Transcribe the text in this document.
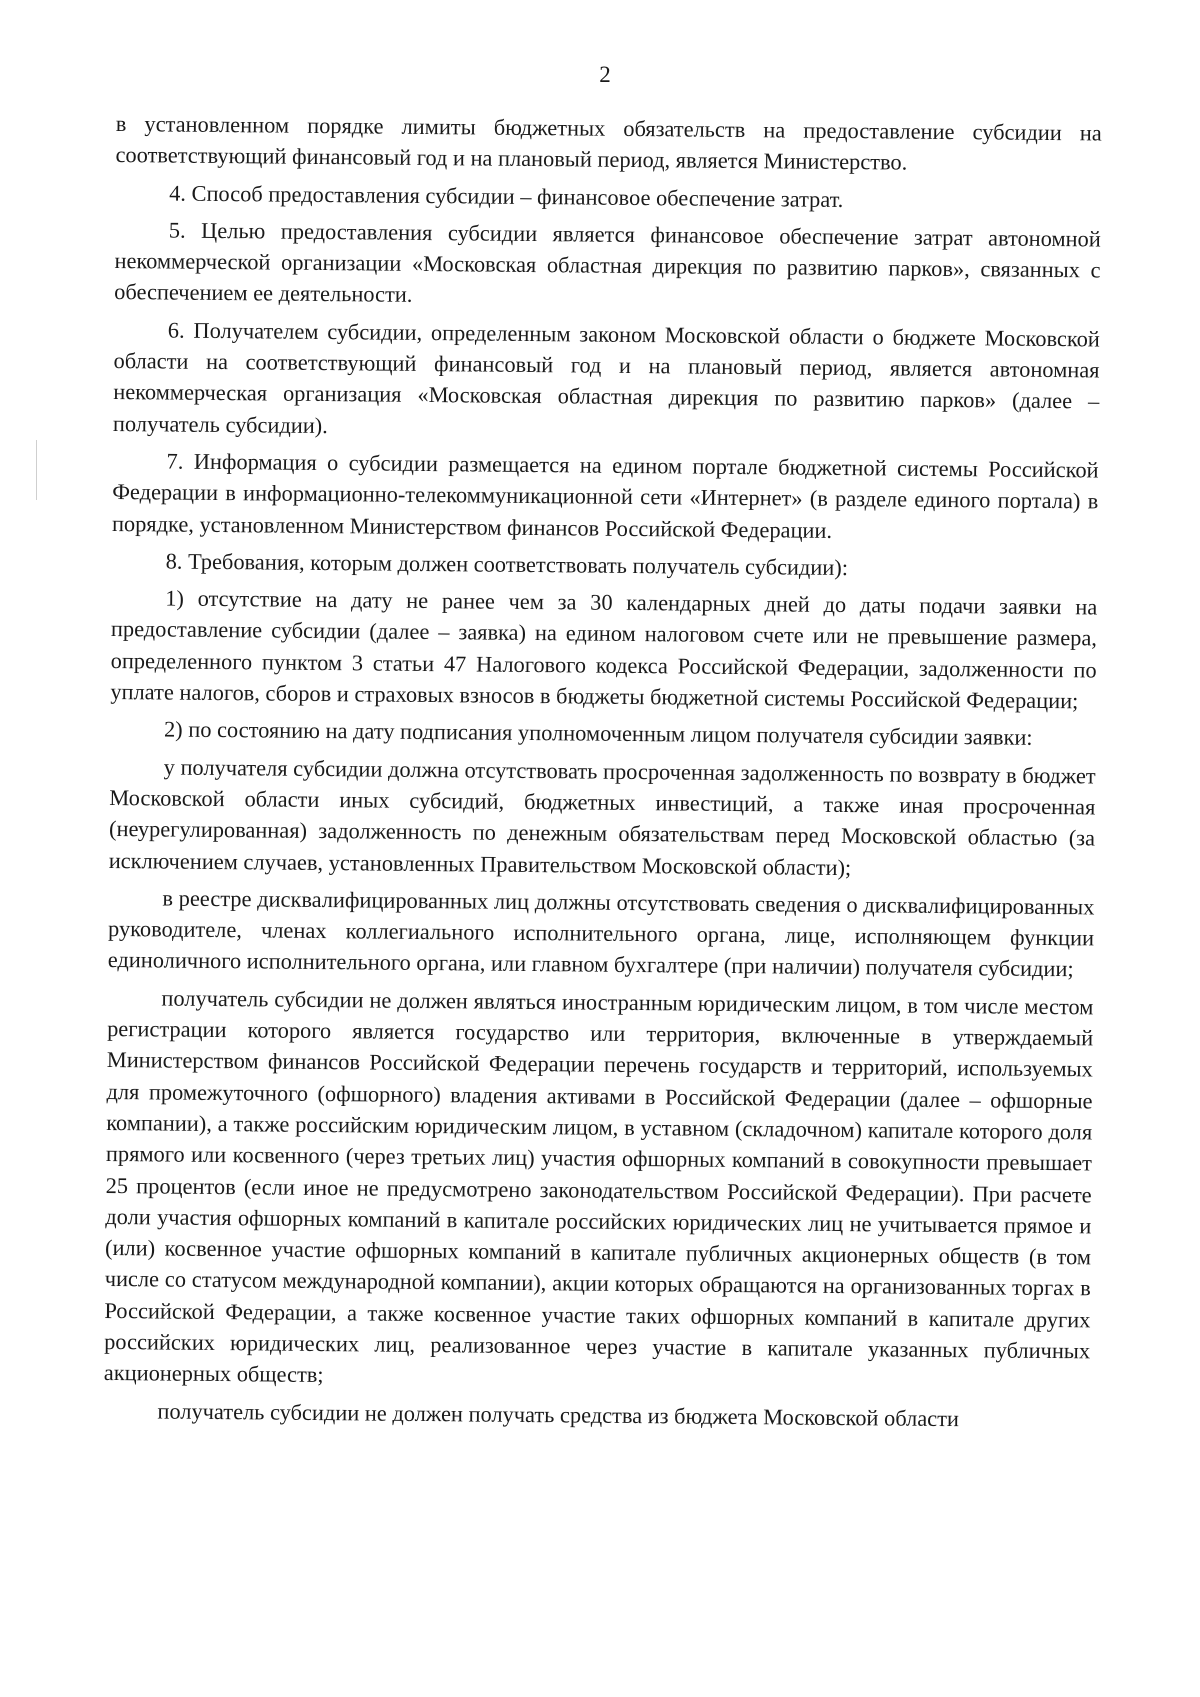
2

в установленном порядке лимиты бюджетных обязательств на предоставление субсидии на соответствующий финансовый год и на плановый период, является Министерство.

4. Способ предоставления субсидии – финансовое обеспечение затрат.

5. Целью предоставления субсидии является финансовое обеспечение затрат автономной некоммерческой организации «Московская областная дирекция по развитию парков», связанных с обеспечением ее деятельности.

6. Получателем субсидии, определенным законом Московской области о бюджете Московской области на соответствующий финансовый год и на плановый период, является автономная некоммерческая организация «Московская областная дирекция по развитию парков» (далее – получатель субсидии).

7. Информация о субсидии размещается на едином портале бюджетной системы Российской Федерации в информационно-телекоммуникационной сети «Интернет» (в разделе единого портала) в порядке, установленном Министерством финансов Российской Федерации.

8. Требования, которым должен соответствовать получатель субсидии):

1) отсутствие на дату не ранее чем за 30 календарных дней до даты подачи заявки на предоставление субсидии (далее – заявка) на едином налоговом счете или не превышение размера, определенного пунктом 3 статьи 47 Налогового кодекса Российской Федерации, задолженности по уплате налогов, сборов и страховых взносов в бюджеты бюджетной системы Российской Федерации;

2) по состоянию на дату подписания уполномоченным лицом получателя субсидии заявки:

у получателя субсидии должна отсутствовать просроченная задолженность по возврату в бюджет Московской области иных субсидий, бюджетных инвестиций, а также иная просроченная (неурегулированная) задолженность по денежным обязательствам перед Московской областью (за исключением случаев, установленных Правительством Московской области);

в реестре дисквалифицированных лиц должны отсутствовать сведения о дисквалифицированных руководителе, членах коллегиального исполнительного органа, лице, исполняющем функции единоличного исполнительного органа, или главном бухгалтере (при наличии) получателя субсидии;

получатель субсидии не должен являться иностранным юридическим лицом, в том числе местом регистрации которого является государство или территория, включенные в утверждаемый Министерством финансов Российской Федерации перечень государств и территорий, используемых для промежуточного (офшорного) владения активами в Российской Федерации (далее – офшорные компании), а также российским юридическим лицом, в уставном (складочном) капитале которого доля прямого или косвенного (через третьих лиц) участия офшорных компаний в совокупности превышает 25 процентов (если иное не предусмотрено законодательством Российской Федерации). При расчете доли участия офшорных компаний в капитале российских юридических лиц не учитывается прямое и (или) косвенное участие офшорных компаний в капитале публичных акционерных обществ (в том числе со статусом международной компании), акции которых обращаются на организованных торгах в Российской Федерации, а также косвенное участие таких офшорных компаний в капитале других российских юридических лиц, реализованное через участие в капитале указанных публичных акционерных обществ;

получатель субсидии не должен получать средства из бюджета Московской области
